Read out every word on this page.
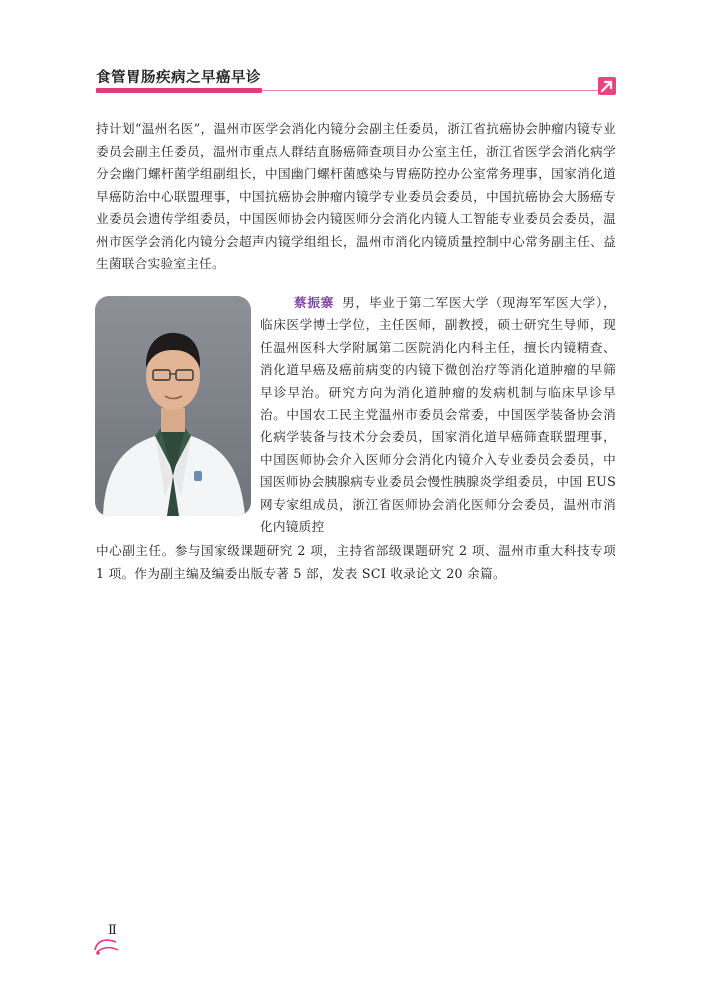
食管胃肠疾病之早癌早诊

持计划“温州名医”，温州市医学会消化内镜分会副主任委员，浙江省抗癌协会肿瘤内镜专业委员会副主任委员，温州市重点人群结直肠癌筛查项目办公室主任，浙江省医学会消化病学分会幽门螺杆菌学组副组长，中国幽门螺杆菌感染与胃癌防控办公室常务理事，国家消化道早癌防治中心联盟理事，中国抗癌协会肿瘤内镜学专业委员会委员，中国抗癌协会大肠癌专业委员会遗传学组委员，中国医师协会内镜医师分会消化内镜人工智能专业委员会委员，温州市医学会消化内镜分会超声内镜学组组长，温州市消化内镜质量控制中心常务副主任、益生菌联合实验室主任。

蔡振寨 男，毕业于第二军医大学（现海军军医大学），临床医学博士学位，主任医师，副教授，硕士研究生导师，现任温州医科大学附属第二医院消化内科主任，擅长内镜精查、消化道早癌及癌前病变的内镜下微创治疗等消化道肿瘤的早筛早诊早治。研究方向为消化道肿瘤的发病机制与临床早诊早治。中国农工民主党温州市委员会常委，中国医学装备协会消化病学装备与技术分会委员，国家消化道早癌筛查联盟理事，中国医师协会介入医师分会消化内镜介入专业委员会委员，中国医师协会胰腺病专业委员会慢性胰腺炎学组委员，中国 EUS 网专家组成员，浙江省医师协会消化医师分会委员，温州市消化内镜质控

中心副主任。参与国家级课题研究 2 项，主持省部级课题研究 2 项、温州市重大科技专项 1 项。作为副主编及编委出版专著 5 部，发表 SCI 收录论文 20 余篇。

Ⅱ
